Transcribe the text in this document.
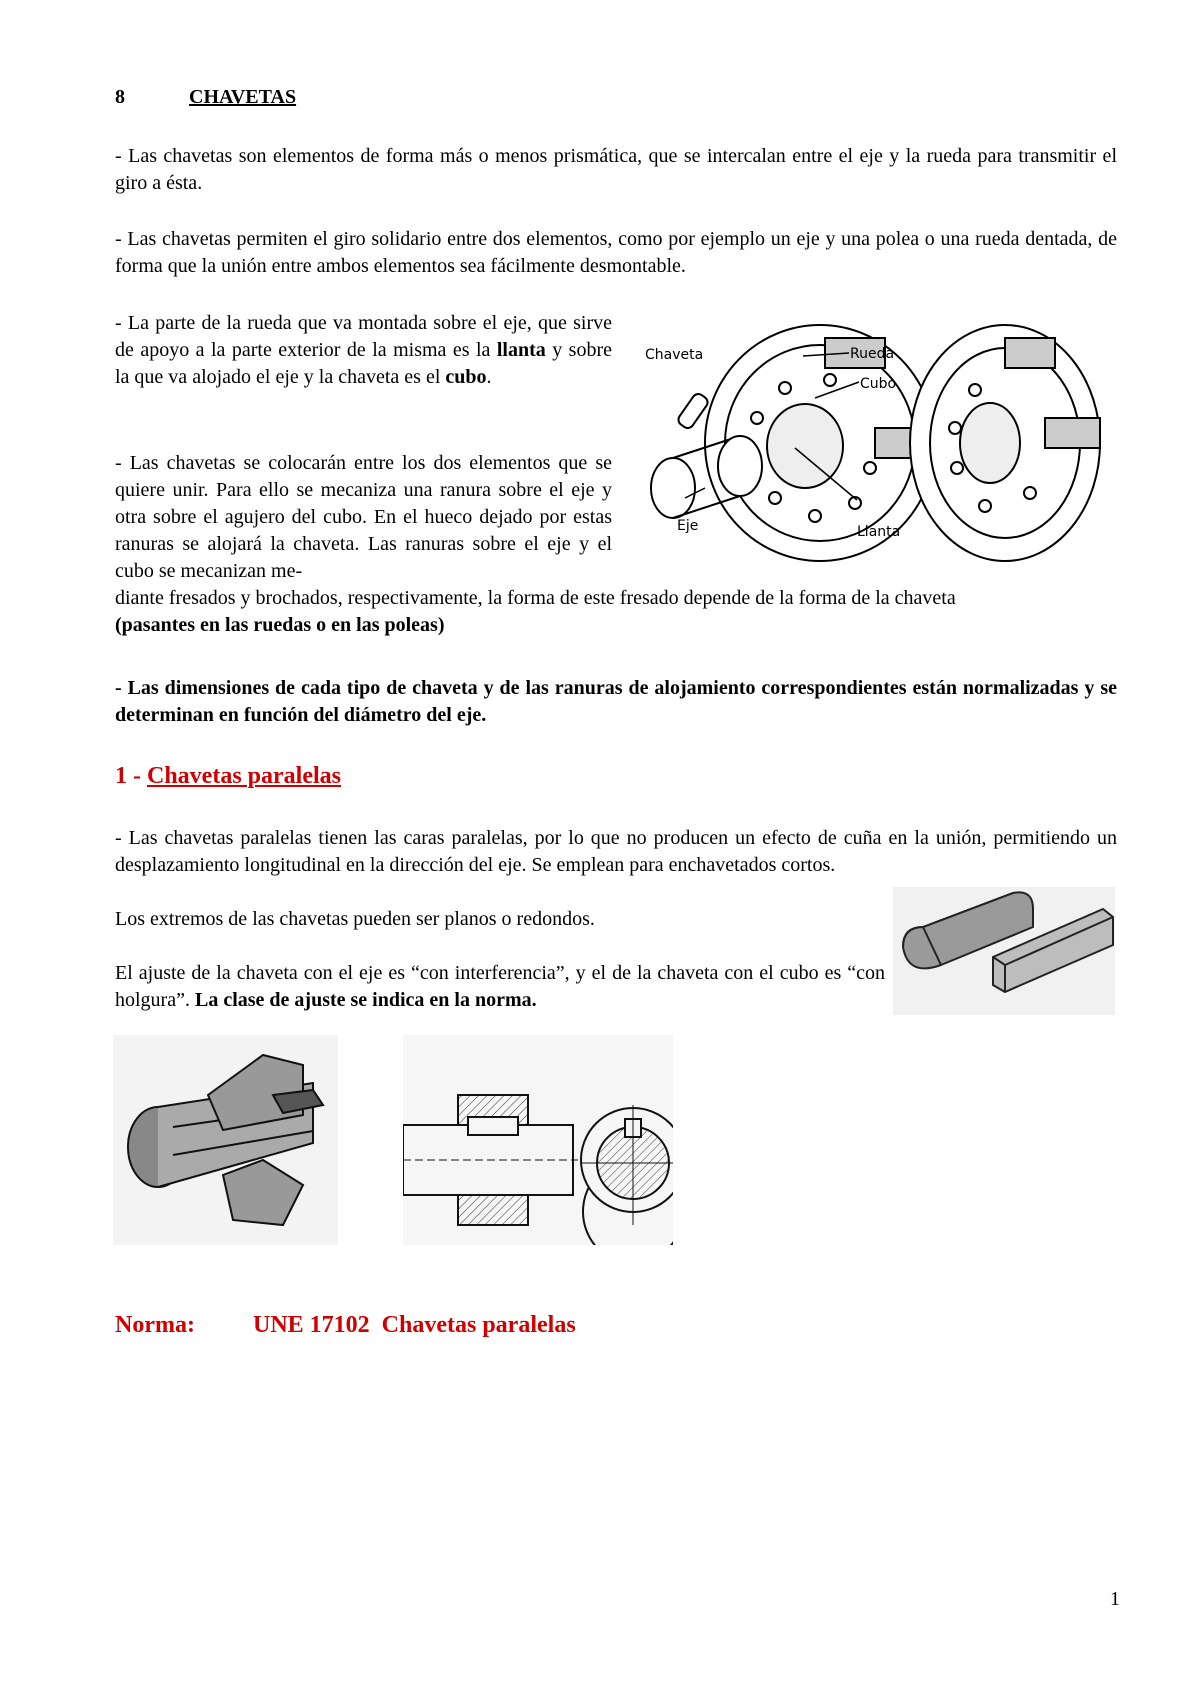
8	CHAVETAS

- Las chavetas son elementos de forma más o menos prismática, que se intercalan entre el eje y la rueda para transmitir el giro a ésta.

- Las chavetas permiten el giro solidario entre dos elementos, como por ejemplo un eje y una polea o una rueda dentada, de forma que la unión entre ambos elementos sea fácilmente desmontable.

- La parte de la rueda que va montada sobre el eje, que sirve de apoyo a la parte exterior de la misma es la llanta y sobre la que va alojado el eje y la chaveta es el cubo.

- Las chavetas se colocarán entre los dos elementos que se quiere unir. Para ello se mecaniza una ranura sobre el eje y otra sobre el agujero del cubo. En el hueco dejado por estas ranuras se alojará la chaveta. Las ranuras sobre el eje y el cubo se mecanizan me-

diante fresados y brochados, respectivamente, la forma de este fresado depende de la forma de la chaveta

(pasantes en las ruedas o en las poleas)

- Las dimensiones de cada tipo de chaveta y de las ranuras de alojamiento correspondientes están normalizadas y se determinan en función del diámetro del eje.

1 - Chavetas paralelas

- Las chavetas paralelas tienen las caras paralelas, por lo que no producen un efecto de cuña en la unión, permitiendo un desplazamiento longitudinal en la dirección del eje. Se emplean para enchavetados cortos.

Los extremos de las chavetas pueden ser planos o redondos.

El ajuste de la chaveta con el eje es “con interferencia”, y el de la chaveta con el cubo es “con holgura”. La clase de ajuste se indica en la norma.

Norma: UNE 17102  Chavetas paralelas
1
Chaveta	Rueda
Cubo
Eje	Llanta
